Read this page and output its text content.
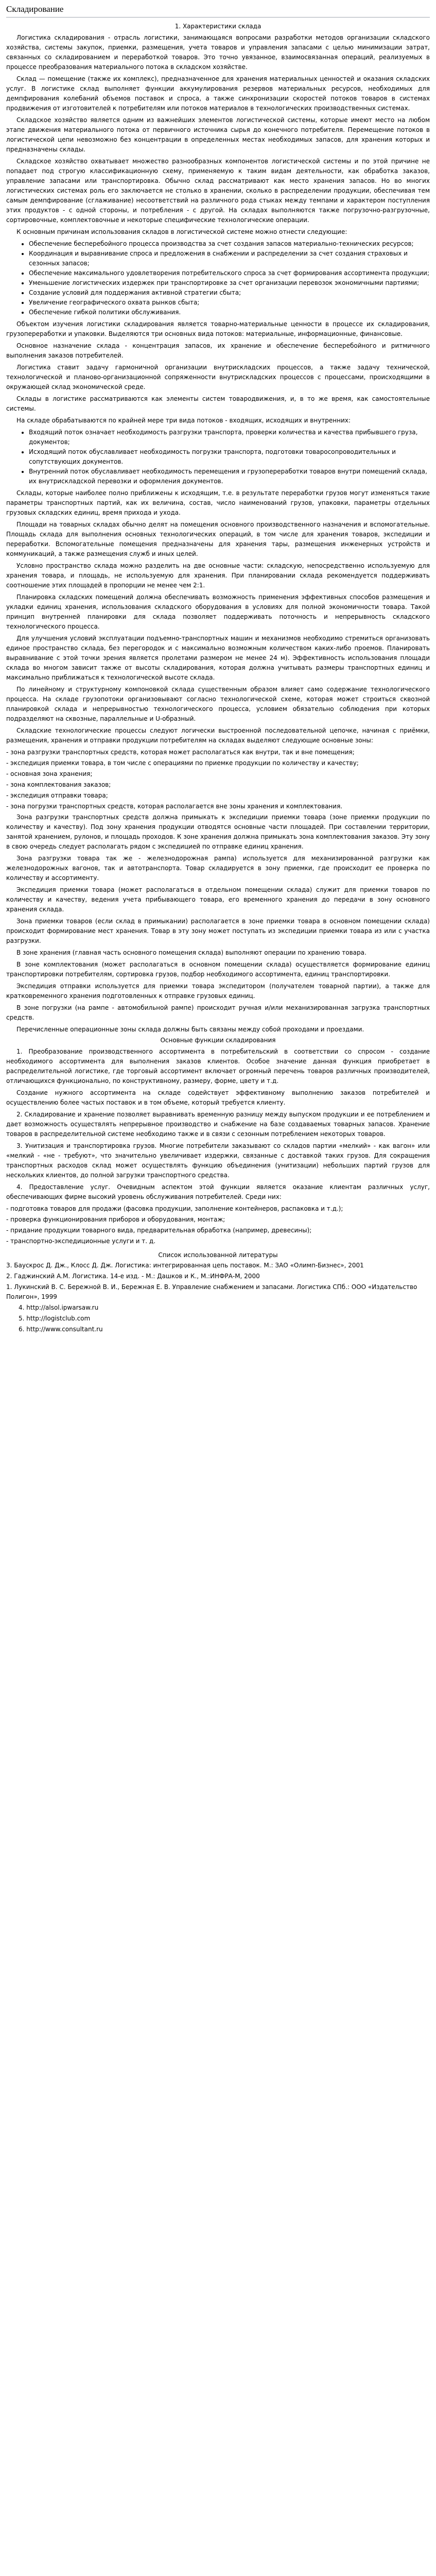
Складирование
1. Характеристики склада

Логистика складирования - отрасль логистики, занимающаяся вопросами разработки методов организации складского хозяйства, системы закупок, приемки, размещения, учета товаров и управления запасами с целью минимизации затрат, связанных со складированием и переработкой товаров. Это точно увязанное, взаимосвязанная операций, реализуемых в процессе преобразования материального потока в складском хозяйстве.

Склад — помещение (также их комплекс), предназначенное для хранения материальных ценностей и оказания складских услуг. В логистике склад выполняет функции аккумулирования резервов материальных ресурсов, необходимых для демпфирования колебаний объемов поставок и спроса, а также синхронизации скоростей потоков товаров в системах продвижения от изготовителей к потребителям или потоков материалов в технологических производственных системах.

Складское хозяйство является одним из важнейших элементов логистической системы, которые имеют место на любом этапе движения материального потока от первичного источника сырья до конечного потребителя. Перемещение потоков в логистической цепи невозможно без концентрации в определенных местах необходимых запасов, для хранения которых и предназначены склады.

Складское хозяйство охватывает множество разнообразных компонентов логистической системы и по этой причине не попадает под строгую классификационную схему, применяемую к таким видам деятельности, как обработка заказов, управление запасами или транспортировка. Обычно склад рассматривают как место хранения запасов. Но во многих логистических системах роль его заключается не столько в хранении, сколько в распределении продукции, обеспечивая тем самым демпфирование (сглаживание) несоответствий на различного рода стыках между темпами и характером поступления этих продуктов - с одной стороны, и потребления - с другой. На складах выполняются также погрузочно-разгрузочные, сортировочные, комплектовочные и некоторые специфические технологические операции.

К основным причинам использования складов в логистической системе можно отнести следующие:

• Обеспечение бесперебойного процесса производства за счет создания запасов материально-технических ресурсов;
• Координация и выравнивание спроса и предложения в снабжении и распределении за счет создания страховых и сезонных запасов;
• Обеспечение максимального удовлетворения потребительского спроса за счет формирования ассортимента продукции;
• Уменьшение логистических издержек при транспортировке за счет организации перевозок экономичными партиями;
• Создание условий для поддержания активной стратегии сбыта;
• Увеличение географического охвата рынков сбыта;
• Обеспечение гибкой политики обслуживания.

Объектом изучения логистики складирования является товарно-материальные ценности в процессе их складирования, грузопереработки и упаковки. Выделяются три основных вида потоков: материальные, информационные, финансовые.

Основное назначение склада - концентрация запасов, их хранение и обеспечение бесперебойного и ритмичного выполнения заказов потребителей.

Логистика ставит задачу гармоничной организации внутрискладских процессов, а также задачу технической, технологической и планово-организационной сопряженности внутрискладских процессов с процессами, происходящими в окружающей склад экономической среде.

Склады в логистике рассматриваются как элементы систем товародвижения, и, в то же время, как самостоятельные системы.

На складе обрабатываются по крайней мере три вида потоков - входящих, исходящих и внутренних:

• Входящий поток означает необходимость разгрузки транспорта, проверки количества и качества прибывшего груза, документов;
• Исходящий поток обуславливает необходимость погрузки транспорта, подготовки товаросопроводительных и сопутствующих документов.
• Внутренний поток обуславливает необходимость перемещения и грузопереработки товаров внутри помещений склада, их внутрискладской перевозки и оформления документов.

Склады, которые наиболее полно приближены к исходящим, т.е. в результате переработки грузов могут изменяться такие параметры транспортных партий, как их величина, состав, число наименований грузов, упаковки, параметры отдельных грузовых складских единиц, время прихода и ухода.

Площади на товарных складах обычно делят на помещения основного производственного назначения и вспомогательные. Площадь склада для выполнения основных технологических операций, в том числе для хранения товаров, экспедиции и переработки. Вспомогательные помещения предназначены для хранения тары, размещения инженерных устройств и коммуникаций, а также размещения служб и иных целей.

Условно пространство склада можно разделить на две основные части: складскую, непосредственно используемую для хранения товара, и площадь, не используемую для хранения. При планировании склада рекомендуется поддерживать соотношение этих площадей в пропорции не менее чем 2:1.

Планировка складских помещений должна обеспечивать возможность применения эффективных способов размещения и укладки единиц хранения, использования складского оборудования в условиях для полной экономичности товара. Такой принцип внутренней планировки для склада позволяет поддерживать поточность и непрерывность складского технологического процесса.

Для улучшения условий эксплуатации подъемно-транспортных машин и механизмов необходимо стремиться организовать единое пространство склада, без перегородок и с максимально возможным количеством каких-либо проемов. Планировать выравнивание с этой точки зрения является пролетами размером не менее 24 м). Эффективность использования площади склада во многом зависит также от высоты складирования, которая должна учитывать размеры транспортных единиц и максимально приближаться к технологической высоте склада.

По линейному и структурному компоновкой склада существенным образом влияет само содержание технологического процесса. На складе грузопотоки организовывают согласно технологической схеме, которая может строиться сквозной планировкой склада и непрерывностью технологического процесса, условием обязательно соблюдения при которых подразделяют на сквозные, параллельные и U-образный.

Складские технологические процессы следуют логически выстроенной последовательной цепочке, начиная с приёмки, размещения, хранения и отправки продукции потребителям на складах выделяют следующие основные зоны:

- зона разгрузки транспортных средств, которая может располагаться как внутри, так и вне помещения;
- экспедиция приемки товара, в том числе с операциями по приемке продукции по количеству и качеству;
- основная зона хранения;
- зона комплектования заказов;
- экспедиция отправки товара;
- зона погрузки транспортных средств, которая располагается вне зоны хранения и комплектования.

Зона разгрузки транспортных средств должна примыкать к экспедиции приемки товара (зоне приемки продукции по количеству и качеству). Под зону хранения продукции отводятся основные части площадей. При составлении территории, занятой хранением, рулонов, и площадь проходов. К зоне хранения должна примыкать зона комплектования заказов. Эту зону в свою очередь следует располагать рядом с экспедицией по отправке единиц хранения.

Зона разгрузки товара так же - железнодорожная рампа) используется для механизированной разгрузки как железнодорожных вагонов, так и автотранспорта. Товар складируется в зону приемки, где происходит ее проверка по количеству и ассортименту.

Экспедиция приемки товара (может располагаться в отдельном помещении склада) служит для приемки товаров по количеству и качеству, ведения учета прибывающего товара, его временного хранения до передачи в зону основного хранения склада.

Зона приемки товаров (если склад в примыкании) располагается в зоне приемки товара в основном помещении склада) происходит формирование мест хранения. Товар в эту зону может поступать из экспедиции приемки товара из или с участка разгрузки.

В зоне хранения (главная часть основного помещения склада) выполняют операции по хранению товара.

В зоне комплектования (может располагаться в основном помещении склада) осуществляется формирование единиц транспортировки потребителям, сортировка грузов, подбор необходимого ассортимента, единиц транспортировки.

Экспедиция отправки используется для приемки товара экспедитором (получателем товарной партии), а также для кратковременного хранения подготовленных к отправке грузовых единиц.

В зоне погрузки (на рампе - автомобильной рампе) происходит ручная и/или механизированная загрузка транспортных средств.

Перечисленные операционные зоны склада должны быть связаны между собой проходами и проездами.

Основные функции складирования

1. Преобразование производственного ассортимента в потребительский в соответствии со спросом - создание необходимого ассортимента для выполнения заказов клиентов. Особое значение данная функция приобретает в распределительной логистике, где торговый ассортимент включает огромный перечень товаров различных производителей, отличающихся функционально, по конструктивному, размеру, форме, цвету и т.д.

Создание нужного ассортимента на складе содействует эффективному выполнению заказов потребителей и осуществлению более частых поставок и в том объеме, который требуется клиенту.

2. Складирование и хранение позволяет выравнивать временную разницу между выпуском продукции и ее потреблением и дает возможность осуществлять непрерывное производство и снабжение на базе создаваемых товарных запасов. Хранение товаров в распределительной системе необходимо также и в связи с сезонным потреблением некоторых товаров.

3. Унитизация и транспортировка грузов. Многие потребители заказывают со складов партии «мелкий» - как вагон» или «мелкий - «не - требуют», что значительно увеличивает издержки, связанные с доставкой таких грузов. Для сокращения транспортных расходов склад может осуществлять функцию объединения (унитизации) небольших партий грузов для нескольких клиентов, до полной загрузки транспортного средства.

4. Предоставление услуг. Очевидным аспектом этой функции является оказание клиентам различных услуг, обеспечивающих фирме высокий уровень обслуживания потребителей. Среди них:

- подготовка товаров для продажи (фасовка продукции, заполнение контейнеров, распаковка и т.д.);
- проверка функционирования приборов и оборудования, монтаж;
- придание продукции товарного вида, предварительная обработка (например, древесины);
- транспортно-экспедиционные услуги и т. д.
Список использованной литературы
3. Баускрос Д. Дж., Клосс Д. Дж. Логистика: интегрированная цепь поставок. М.: ЗАО «Олимп-Бизнес», 2001
2. Гаджинский А.М. Логистика. 14-е изд. - М.: Дашков и К., М.:ИНФРА-М, 2000
1. Лукинский В. С. Бережной В. И., Бережная Е. В. Управление снабжением и запасами. Логистика СПб.: ООО «Издательство Полигон», 1999
4. http://alsol.ipwarsaw.ru
5. http://logistclub.com
6. http://www.consultant.ru
